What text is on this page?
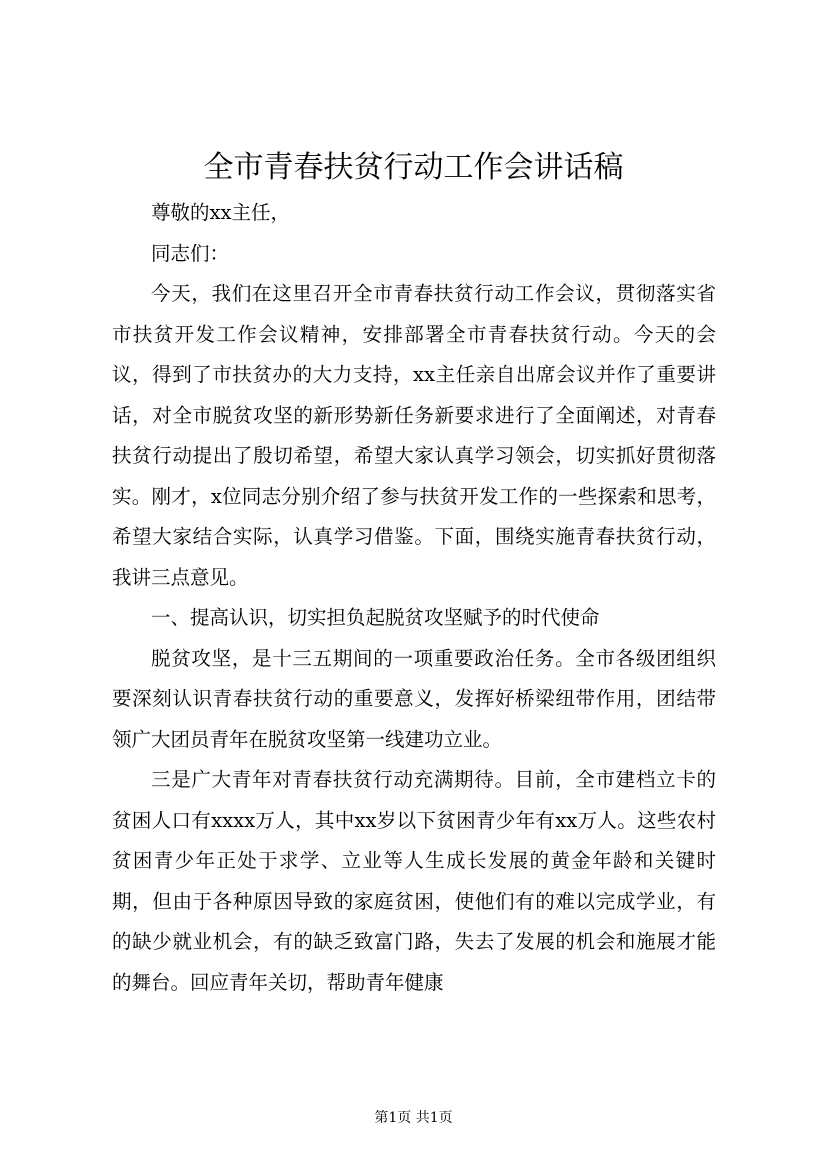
全市青春扶贫行动工作会讲话稿

尊敬的xx主任，

同志们：

今天，我们在这里召开全市青春扶贫行动工作会议，贯彻落实省市扶贫开发工作会议精神，安排部署全市青春扶贫行动。今天的会议，得到了市扶贫办的大力支持，xx主任亲自出席会议并作了重要讲话，对全市脱贫攻坚的新形势新任务新要求进行了全面阐述，对青春扶贫行动提出了殷切希望，希望大家认真学习领会，切实抓好贯彻落实。刚才，x位同志分别介绍了参与扶贫开发工作的一些探索和思考，希望大家结合实际，认真学习借鉴。下面，围绕实施青春扶贫行动，我讲三点意见。

一、提高认识，切实担负起脱贫攻坚赋予的时代使命

脱贫攻坚，是十三五期间的一项重要政治任务。全市各级团组织要深刻认识青春扶贫行动的重要意义，发挥好桥梁纽带作用，团结带领广大团员青年在脱贫攻坚第一线建功立业。

三是广大青年对青春扶贫行动充满期待。目前，全市建档立卡的贫困人口有xxxx万人，其中xx岁以下贫困青少年有xx万人。这些农村贫困青少年正处于求学、立业等人生成长发展的黄金年龄和关键时期，但由于各种原因导致的家庭贫困，使他们有的难以完成学业，有的缺少就业机会，有的缺乏致富门路，失去了发展的机会和施展才能的舞台。回应青年关切，帮助青年健康

第1页 共1页
